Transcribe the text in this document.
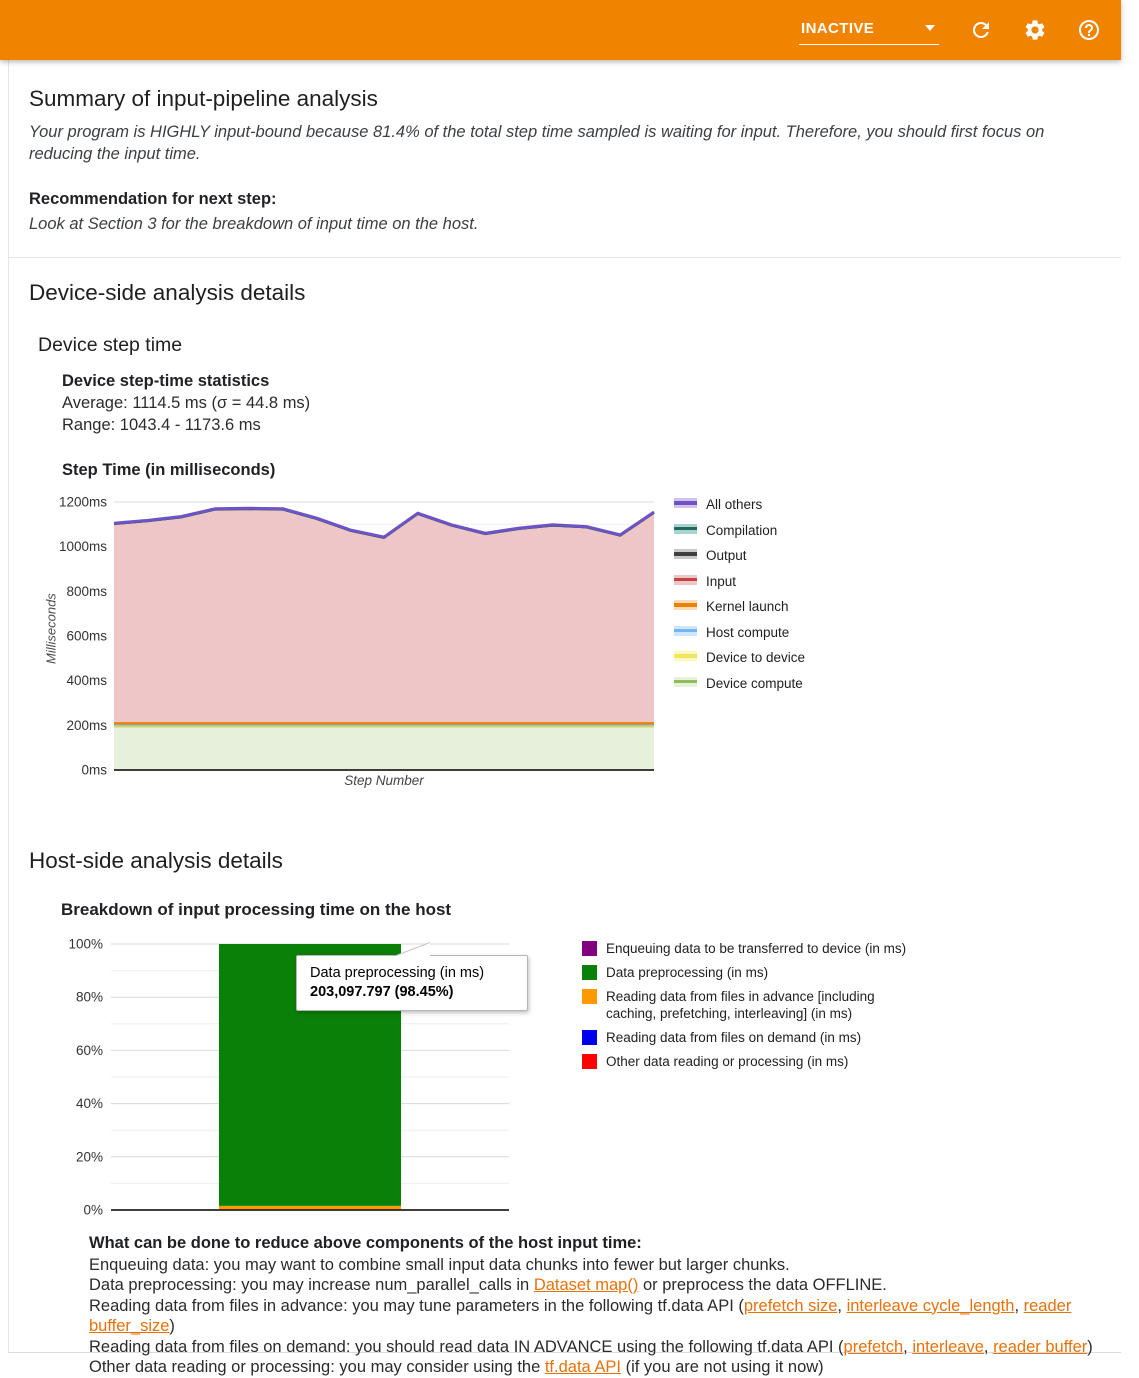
INACTIVE
Summary of input-pipeline analysis
Your program is HIGHLY input-bound because 81.4% of the total step time sampled is waiting for input. Therefore, you should first focus on reducing the input time.
Recommendation for next step:
Look at Section 3 for the breakdown of input time on the host.
Device-side analysis details
Device step time
Device step-time statistics
Average: 1114.5 ms (σ = 44.8 ms)
Range: 1043.4 - 1173.6 ms
Step Time (in milliseconds)
Milliseconds
0ms
200ms
400ms
600ms
800ms
1000ms
1200ms
Step Number
All others
Compilation
Output
Input
Kernel launch
Host compute
Device to device
Device compute
Host-side analysis details
Breakdown of input processing time on the host
0%
20%
40%
60%
80%
100%
Data preprocessing (in ms)
203,097.797 (98.45%)
Enqueuing data to be transferred to device (in ms)
Data preprocessing (in ms)
Reading data from files in advance [including caching, prefetching, interleaving] (in ms)
Reading data from files on demand (in ms)
Other data reading or processing (in ms)
What can be done to reduce above components of the host input time:

Enqueuing data: you may want to combine small input data chunks into fewer but larger chunks.

Data preprocessing: you may increase num_parallel_calls in Dataset map() or preprocess the data OFFLINE.

Reading data from files in advance: you may tune parameters in the following tf.data API (prefetch size, interleave cycle_length, reader buffer_size)

Reading data from files on demand: you should read data IN ADVANCE using the following tf.data API (prefetch, interleave, reader buffer)

Other data reading or processing: you may consider using the tf.data API (if you are not using it now)
